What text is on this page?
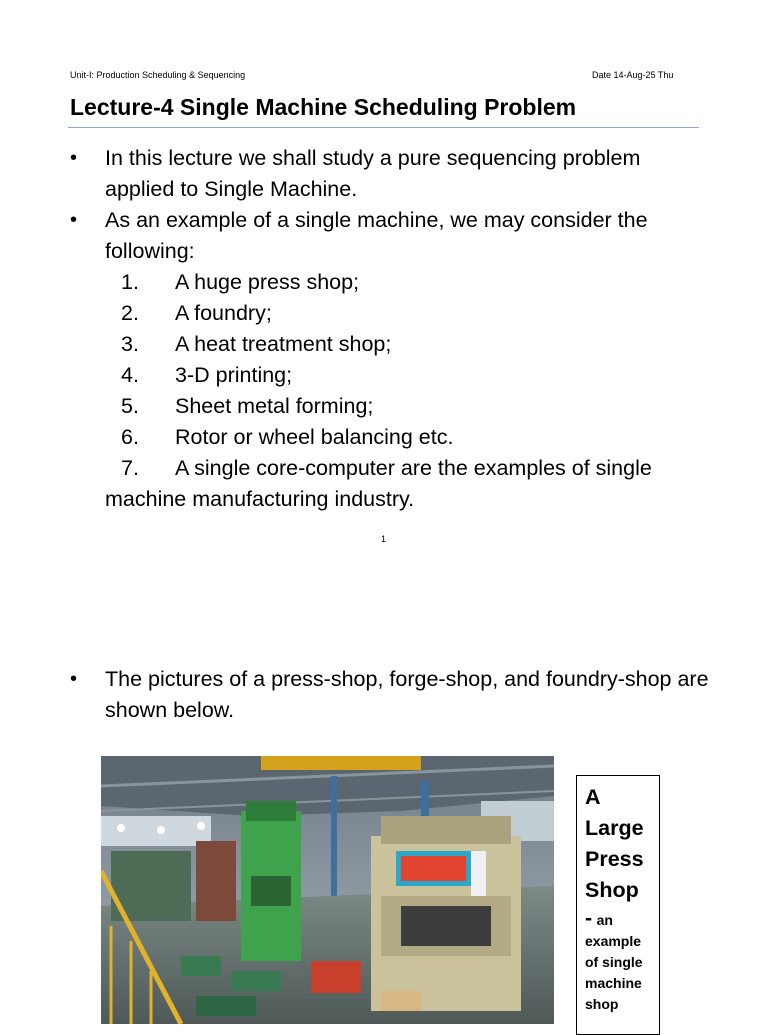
Unit-I: Production Scheduling & Sequencing	Date 14-Aug-25 Thu
Lecture-4 Single Machine Scheduling Problem
• In this lecture we shall study a pure sequencing problem applied to Single Machine.
• As an example of a single machine, we may consider the following:
1. A huge press shop;
2. A foundry;
3. A heat treatment shop;
4. 3-D printing;
5. Sheet metal forming;
6. Rotor or wheel balancing etc.
7. A single core-computer are the examples of single machine manufacturing industry.
1
• The pictures of a press-shop, forge-shop, and foundry-shop are shown below.
A Large Press Shop
- an example of single machine shop
